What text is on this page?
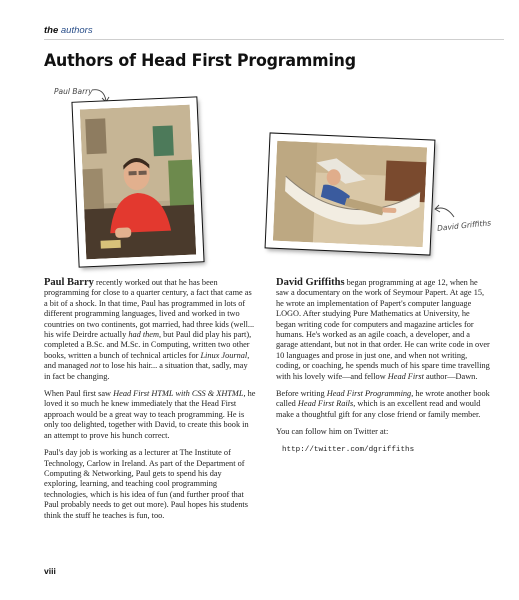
the authors
Authors of Head First Programming
Paul Barry
David Griffiths

Paul Barry recently worked out that he has been programming for close to a quarter century, a fact that came as a bit of a shock. In that time, Paul has programmed in lots of different programming languages, lived and worked in two countries on two continents, got married, had three kids (well... his wife Deirdre actually had them, but Paul did play his part), completed a B.Sc. and M.Sc. in Computing, written two other books, written a bunch of technical articles for Linux Journal, and managed not to lose his hair... a situation that, sadly, may in fact be changing.

When Paul first saw Head First HTML with CSS & XHTML, he loved it so much he knew immediately that the Head First approach would be a great way to teach programming. He is only too delighted, together with David, to create this book in an attempt to prove his hunch correct.

Paul's day job is working as a lecturer at The Institute of Technology, Carlow in Ireland. As part of the Department of Computing & Networking, Paul gets to spend his day exploring, learning, and teaching cool programming technologies, which is his idea of fun (and further proof that Paul probably needs to get out more). Paul hopes his students think the stuff he teaches is fun, too.

David Griffiths began programming at age 12, when he saw a documentary on the work of Seymour Papert. At age 15, he wrote an implementation of Papert's computer language LOGO. After studying Pure Mathematics at University, he began writing code for computers and magazine articles for humans. He's worked as an agile coach, a developer, and a garage attendant, but not in that order. He can write code in over 10 languages and prose in just one, and when not writing, coding, or coaching, he spends much of his spare time travelling with his lovely wife—and fellow Head First author—Dawn.

Before writing Head First Programming, he wrote another book called Head First Rails, which is an excellent read and would make a thoughtful gift for any close friend or family member.

You can follow him on Twitter at:

http://twitter.com/dgriffiths
viii
